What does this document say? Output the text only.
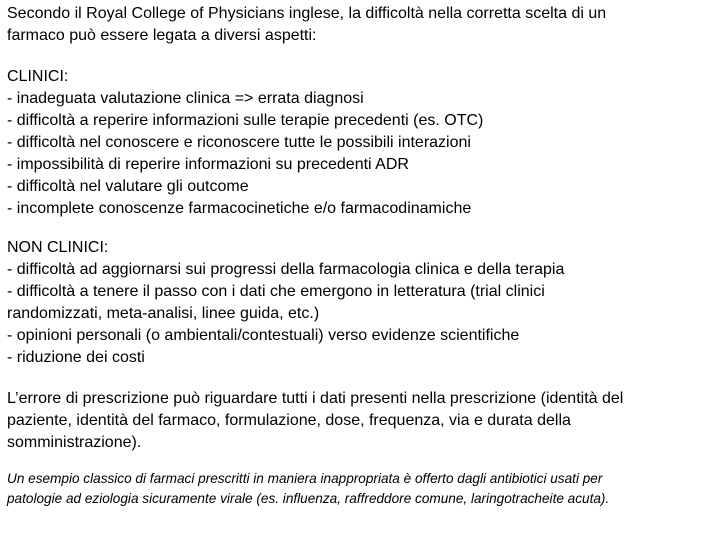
Secondo il Royal College of Physicians inglese, la difficoltà nella corretta scelta di un
farmaco può essere legata a diversi aspetti:
CLINICI:
- inadeguata valutazione clinica => errata diagnosi
- difficoltà a reperire informazioni sulle terapie precedenti (es. OTC)
- difficoltà nel conoscere e riconoscere tutte le possibili interazioni
- impossibilità di reperire informazioni su precedenti ADR
- difficoltà nel valutare gli outcome
- incomplete conoscenze farmacocinetiche e/o farmacodinamiche
NON CLINICI:
- difficoltà ad aggiornarsi sui progressi della farmacologia clinica e della terapia
- difficoltà a tenere il passo con i dati che emergono in letteratura (trial clinici
randomizzati, meta-analisi, linee guida, etc.)
- opinioni personali (o ambientali/contestuali) verso evidenze scientifiche
- riduzione dei costi
L’errore di prescrizione può riguardare tutti i dati presenti nella prescrizione (identità del
paziente, identità del farmaco, formulazione, dose, frequenza, via e durata della
somministrazione).
Un esempio classico di farmaci prescritti in maniera inappropriata è offerto dagli antibiotici usati per
patologie ad eziologia sicuramente virale (es. influenza, raffreddore comune, laringotracheite acuta).
